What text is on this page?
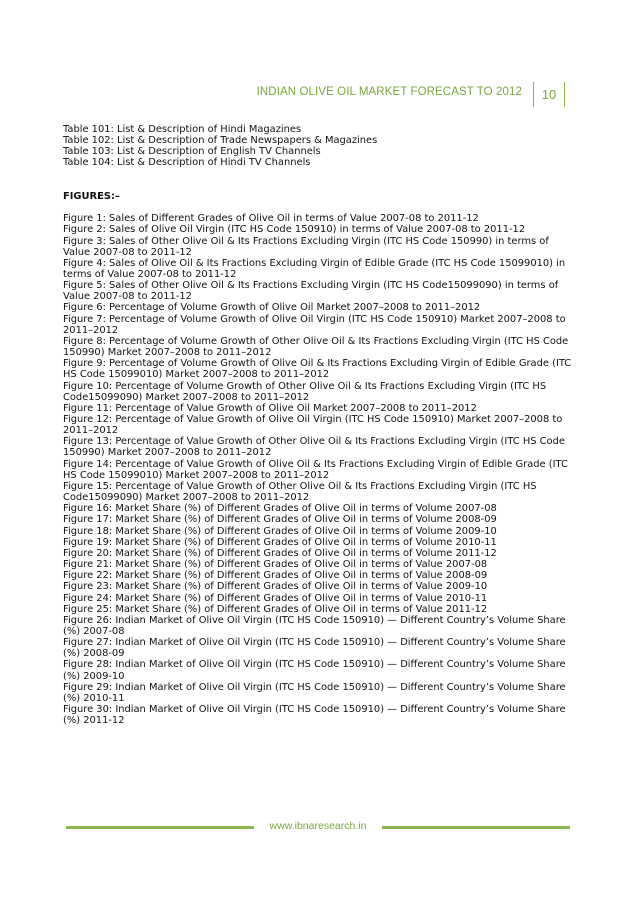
INDIAN OLIVE OIL MARKET FORECAST TO 2012	10
Table 101: List & Description of Hindi Magazines
Table 102: List & Description of Trade Newspapers & Magazines
Table 103: List & Description of English TV Channels
Table 104: List & Description of Hindi TV Channels
FIGURES:–
Figure 1: Sales of Different Grades of Olive Oil in terms of Value 2007-08 to 2011-12
Figure 2: Sales of Olive Oil Virgin (ITC HS Code 150910) in terms of Value 2007-08 to 2011-12
Figure 3: Sales of Other Olive Oil & Its Fractions Excluding Virgin (ITC HS Code 150990) in terms of
Value 2007-08 to 2011-12
Figure 4: Sales of Olive Oil & Its Fractions Excluding Virgin of Edible Grade (ITC HS Code 15099010) in
terms of Value 2007-08 to 2011-12
Figure 5: Sales of Other Olive Oil & Its Fractions Excluding Virgin (ITC HS Code15099090) in terms of
Value 2007-08 to 2011-12
Figure 6: Percentage of Volume Growth of Olive Oil Market 2007–2008 to 2011–2012
Figure 7: Percentage of Volume Growth of Olive Oil Virgin (ITC HS Code 150910) Market 2007–2008 to
2011–2012
Figure 8: Percentage of Volume Growth of Other Olive Oil & Its Fractions Excluding Virgin (ITC HS Code
150990) Market 2007–2008 to 2011–2012
Figure 9: Percentage of Volume Growth of Olive Oil & Its Fractions Excluding Virgin of Edible Grade (ITC
HS Code 15099010) Market 2007–2008 to 2011–2012
Figure 10: Percentage of Volume Growth of Other Olive Oil & Its Fractions Excluding Virgin (ITC HS
Code15099090) Market 2007–2008 to 2011–2012
Figure 11: Percentage of Value Growth of Olive Oil Market 2007–2008 to 2011–2012
Figure 12: Percentage of Value Growth of Olive Oil Virgin (ITC HS Code 150910) Market 2007–2008 to
2011–2012
Figure 13: Percentage of Value Growth of Other Olive Oil & Its Fractions Excluding Virgin (ITC HS Code
150990) Market 2007–2008 to 2011–2012
Figure 14: Percentage of Value Growth of Olive Oil & Its Fractions Excluding Virgin of Edible Grade (ITC
HS Code 15099010) Market 2007–2008 to 2011–2012
Figure 15: Percentage of Value Growth of Other Olive Oil & Its Fractions Excluding Virgin (ITC HS
Code15099090) Market 2007–2008 to 2011–2012
Figure 16: Market Share (%) of Different Grades of Olive Oil in terms of Volume 2007-08
Figure 17: Market Share (%) of Different Grades of Olive Oil in terms of Volume 2008-09
Figure 18: Market Share (%) of Different Grades of Olive Oil in terms of Volume 2009-10
Figure 19: Market Share (%) of Different Grades of Olive Oil in terms of Volume 2010-11
Figure 20: Market Share (%) of Different Grades of Olive Oil in terms of Volume 2011-12
Figure 21: Market Share (%) of Different Grades of Olive Oil in terms of Value 2007-08
Figure 22: Market Share (%) of Different Grades of Olive Oil in terms of Value 2008-09
Figure 23: Market Share (%) of Different Grades of Olive Oil in terms of Value 2009-10
Figure 24: Market Share (%) of Different Grades of Olive Oil in terms of Value 2010-11
Figure 25: Market Share (%) of Different Grades of Olive Oil in terms of Value 2011-12
Figure 26: Indian Market of Olive Oil Virgin (ITC HS Code 150910) — Different Country’s Volume Share
(%) 2007-08
Figure 27: Indian Market of Olive Oil Virgin (ITC HS Code 150910) — Different Country’s Volume Share
(%) 2008-09
Figure 28: Indian Market of Olive Oil Virgin (ITC HS Code 150910) — Different Country’s Volume Share
(%) 2009-10
Figure 29: Indian Market of Olive Oil Virgin (ITC HS Code 150910) — Different Country’s Volume Share
(%) 2010-11
Figure 30: Indian Market of Olive Oil Virgin (ITC HS Code 150910) — Different Country’s Volume Share
(%) 2011-12
www.ibnaresearch.in
